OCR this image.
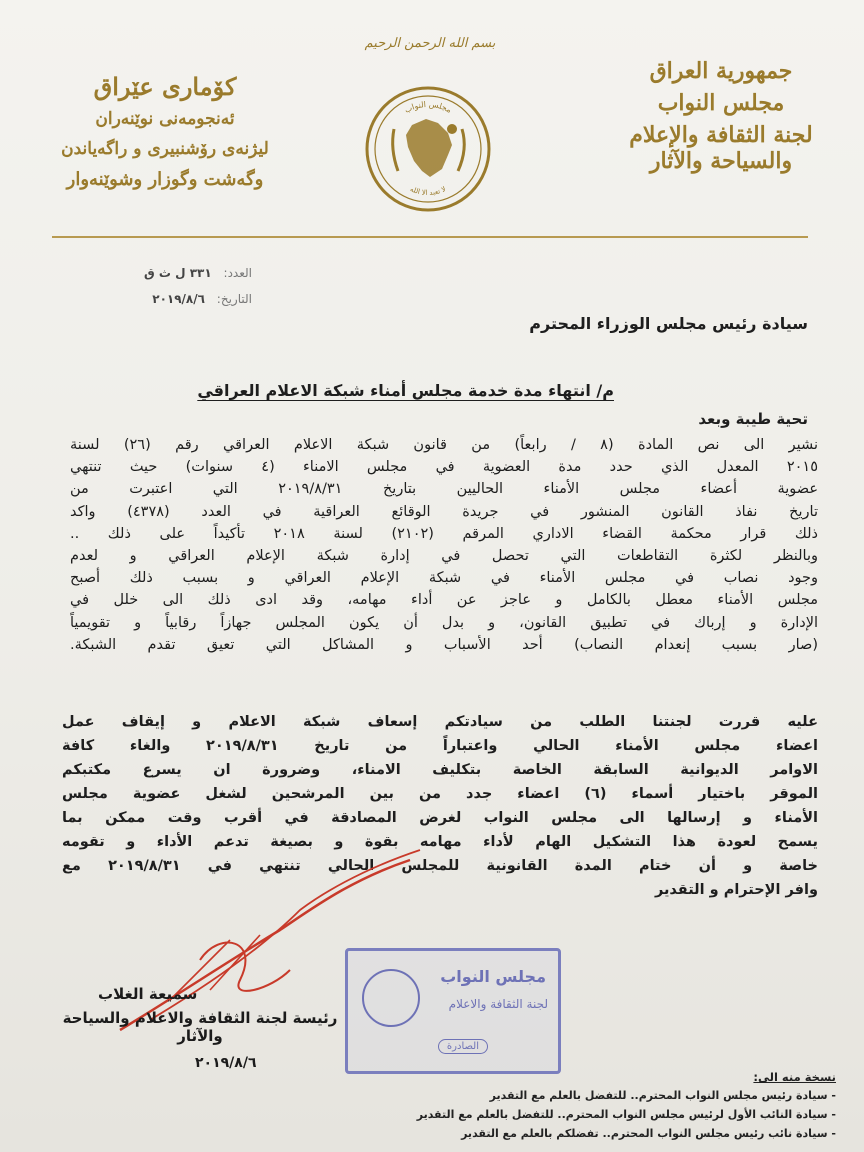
بسم الله الرحمن الرحيم
جمهورية العراق
مجلس النواب
لجنة الثقافة والإعلام والسياحة والآثار
كۆماری عێراق
ئه‌نجومه‌نی نوێنه‌ران
لیژنه‌ی رۆشنبیری و راگه‌یاندن
وگه‌شت وگوزار وشوێنه‌وار
مجلس النواب
لا تعبد الا الله
العدد: ٣٣١ ل ث ق
التاريخ: ٢٠١٩/٨/٦
سيادة رئيس مجلس الوزراء المحترم
م/ انتهاء مدة خدمة مجلس أمناء شبكة الاعلام العراقي
تحية طيبة وبعد
نشير الى نص المادة (٨ / رابعاً) من قانون شبكة الاعلام العراقي رقم (٢٦) لسنة
٢٠١٥ المعدل الذي حدد مدة العضوية في مجلس الامناء (٤ سنوات) حيث تنتهي
عضوية أعضاء مجلس الأمناء الحاليين بتاريخ ٢٠١٩/٨/٣١ التي اعتبرت من
تاريخ نفاذ القانون المنشور في جريدة الوقائع العراقية في العدد (٤٣٧٨) واكد
ذلك قرار محكمة القضاء الاداري المرقم (٢١٠٢) لسنة ٢٠١٨ تأكيداً على ذلك ..
وبالنظر لكثرة التقاطعات التي تحصل في إدارة شبكة الإعلام العراقي و لعدم
وجود نصاب في مجلس الأمناء في شبكة الإعلام العراقي و بسبب ذلك أصبح
مجلس الأمناء معطل بالكامل و عاجز عن أداء مهامه، وقد ادى ذلك الى خلل في
الإدارة و إرباك في تطبيق القانون، و بدل أن يكون المجلس جهازاً رقابياً و تقويمياً
(صار بسبب إنعدام النصاب) أحد الأسباب و المشاكل التي تعيق تقدم الشبكة.
عليه قررت لجنتنا الطلب من سيادتكم إسعاف شبكة الاعلام و إيقاف عمل
اعضاء مجلس الأمناء الحالي واعتباراً من تاريخ ٢٠١٩/٨/٣١ والغاء كافة
الاوامر الديوانية السابقة الخاصة بتكليف الامناء، وضرورة ان يسرع مكتبكم
الموقر باختيار أسماء (٦) اعضاء جدد من بين المرشحين لشغل عضوية مجلس
الأمناء و إرسالها الى مجلس النواب لغرض المصادقة في أقرب وقت ممكن بما
يسمح لعودة هذا التشكيل الهام لأداء مهامه بقوة و بصيغة تدعم الأداء و تقومه
خاصة و أن ختام المدة القانونية للمجلس الحالي تنتهي في ٢٠١٩/٨/٣١ مع
وافر الإحترام و التقدير
مجلس النواب
لجنة الثقافة والاعلام
الصادرة
سميعة الغلاب
رئيسة لجنة الثقافة والاعلام والسياحة والآثار
٢٠١٩/٨/٦
نسخة منه الى:
- سيادة رئيس مجلس النواب المحترم.. للتفضل بالعلم مع التقدير
- سيادة النائب الأول لرئيس مجلس النواب المحترم.. للتفضل بالعلم مع التقدير
- سيادة نائب رئيس مجلس النواب المحترم.. تفضلكم بالعلم مع التقدير
